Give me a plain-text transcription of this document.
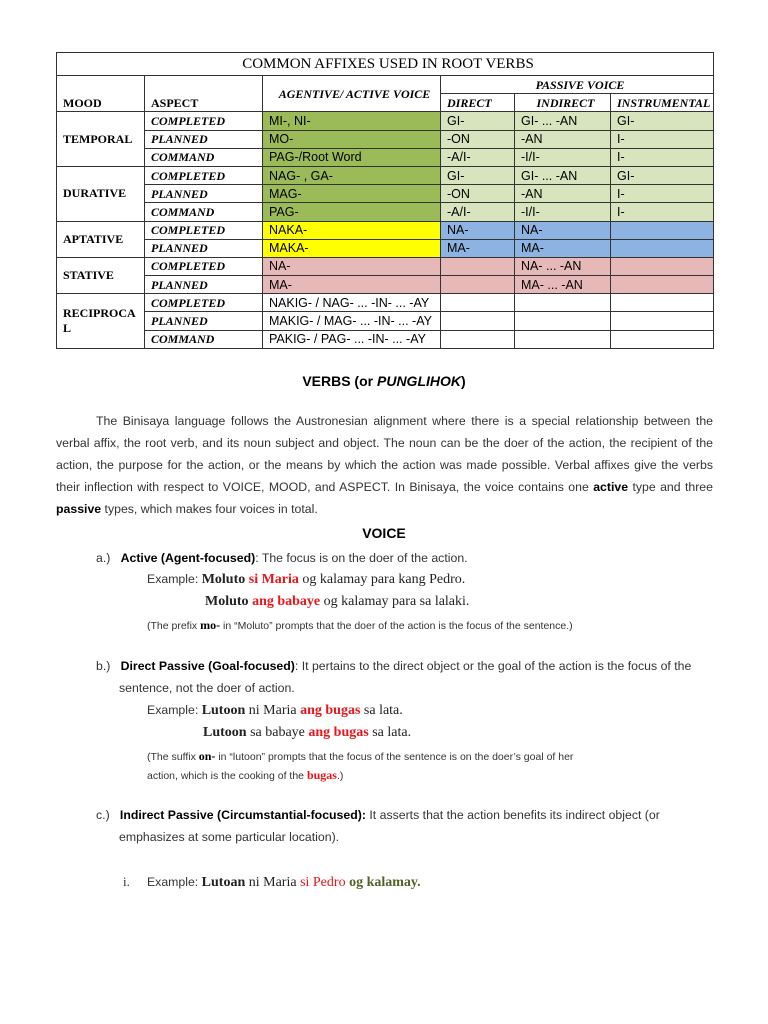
COMMON AFFIXES USED IN ROOT VERBS					
MOOD	ASPECT	AGENTIVE/ ACTIVE VOICE	PASSIVE VOICE		
			DIRECT	INDIRECT	INSTRUMENTAL
TEMPORAL	COMPLETED	MI-, NI-	GI-	GI- ... -AN	GI-
	PLANNED	MO-	-ON	-AN	I-
	COMMAND	PAG-/Root Word	-A/I-	-I/I-	I-
DURATIVE	COMPLETED	NAG- , GA-	GI-	GI- ... -AN	GI-
	PLANNED	MAG-	-ON	-AN	I-
	COMMAND	PAG-	-A/I-	-I/I-	I-
APTATIVE	COMPLETED	NAKA-	NA-	NA-	
	PLANNED	MAKA-	MA-	MA-	
STATIVE	COMPLETED	NA-		NA- ... -AN	
	PLANNED	MA-		MA- ... -AN	
RECIPROCA L	COMPLETED	NAKIG- / NAG- ... -IN- ... -AY			
	PLANNED	MAKIG- / MAG- ... -IN- ... -AY			
	COMMAND	PAKIG- / PAG- ... -IN- ... -AY			
VERBS (or PUNGLIHOK)
The Binisaya language follows the Austronesian alignment where there is a special relationship between the verbal affix, the root verb, and its noun subject and object. The noun can be the doer of the action, the recipient of the action, the purpose for the action, or the means by which the action was made possible. Verbal affixes give the verbs their inflection with respect to VOICE, MOOD, and ASPECT. In Binisaya, the voice contains one active type and three passive types, which makes four voices in total.
VOICE
a.) Active (Agent-focused): The focus is on the doer of the action.
Example: Moluto si Maria og kalamay para kang Pedro.
Moluto ang babaye og kalamay para sa lalaki.
(The prefix mo- in “Moluto” prompts that the doer of the action is the focus of the sentence.)
b.) Direct Passive (Goal-focused): It pertains to the direct object or the goal of the action is the focus of the
sentence, not the doer of action.
Example: Lutoon ni Maria ang bugas sa lata.
Lutoon sa babaye ang bugas sa lata.
(The suffix on- in “lutoon” prompts that the focus of the sentence is on the doer’s goal of her
action, which is the cooking of the bugas.)
c.) Indirect Passive (Circumstantial-focused): It asserts that the action benefits its indirect object (or
emphasizes at some particular location).
i. Example: Lutoan ni Maria si Pedro og kalamay.
